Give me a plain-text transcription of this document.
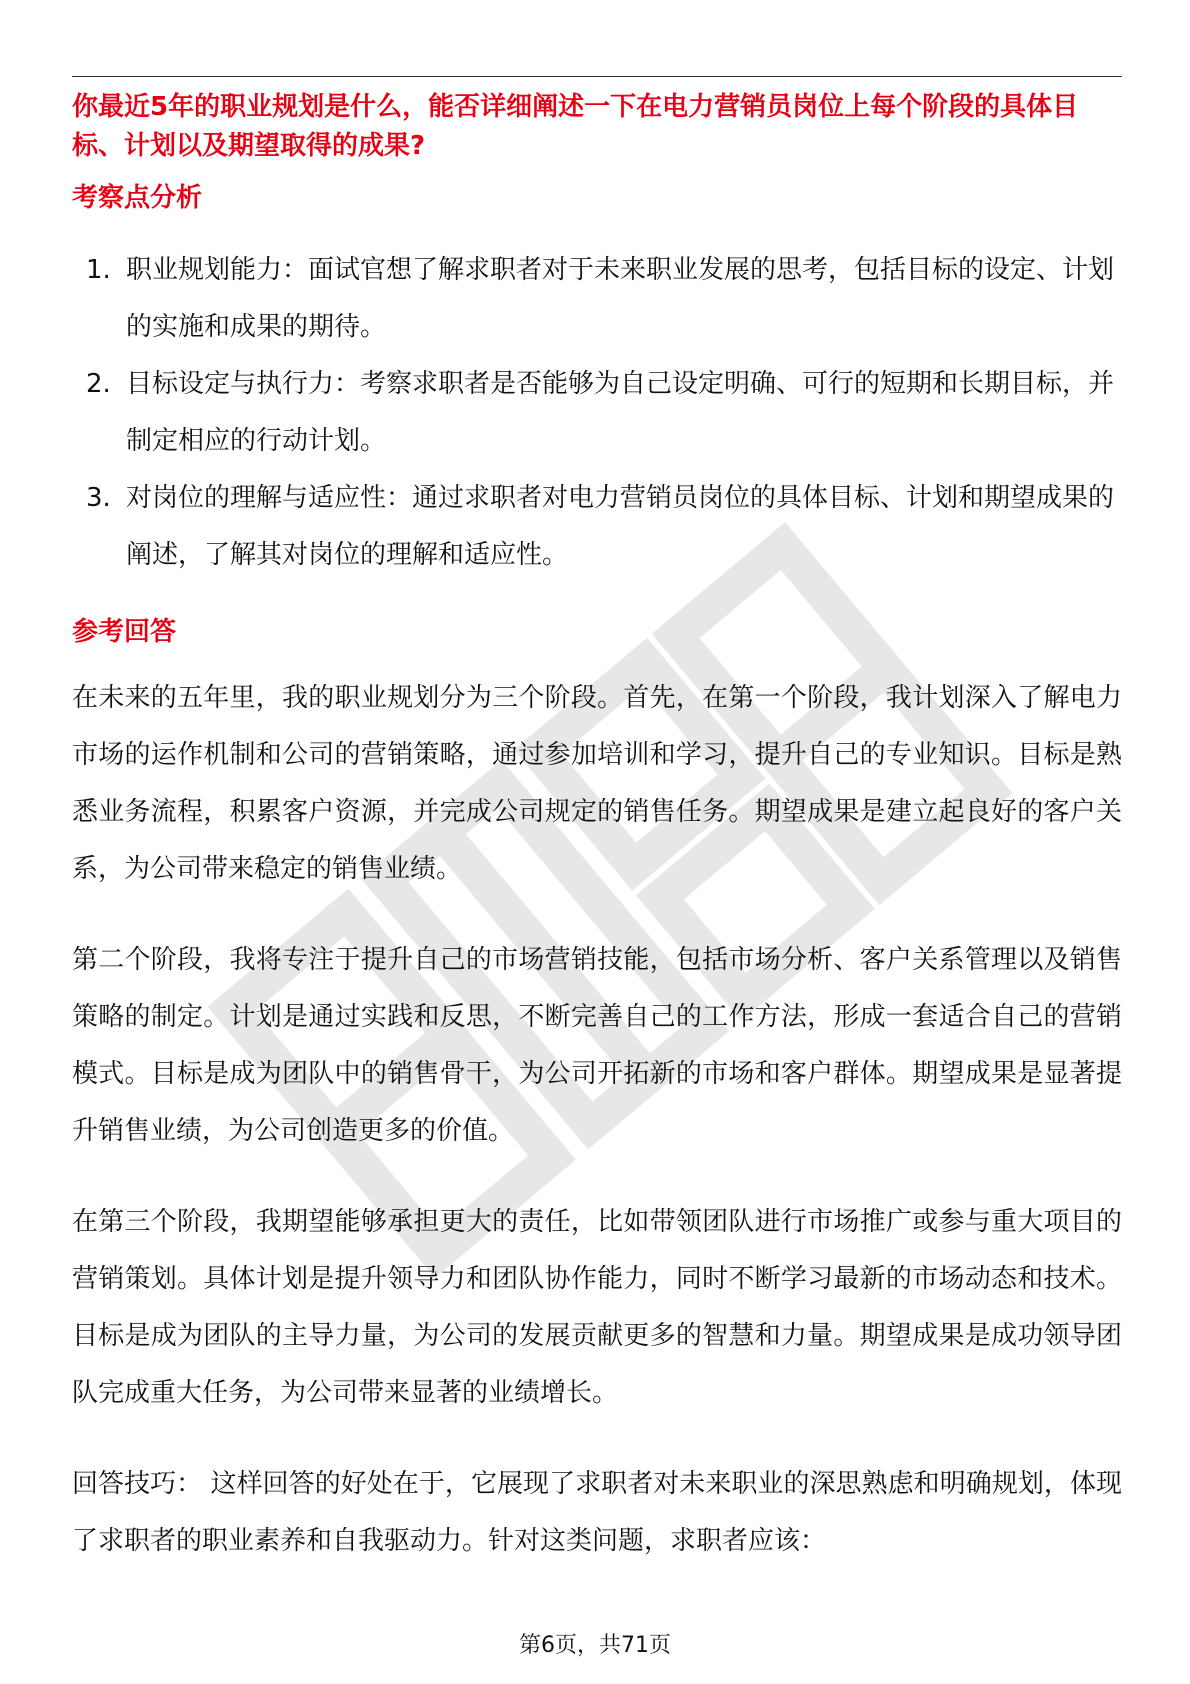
你最近5年的职业规划是什么，能否详细阐述一下在电力营销员岗位上每个阶段的具体目标、计划以及期望取得的成果?

考察点分析
1. 职业规划能力：面试官想了解求职者对于未来职业发展的思考，包括目标的设定、计划的实施和成果的期待。
2. 目标设定与执行力：考察求职者是否能够为自己设定明确、可行的短期和长期目标，并制定相应的行动计划。
3. 对岗位的理解与适应性：通过求职者对电力营销员岗位的具体目标、计划和期望成果的阐述，了解其对岗位的理解和适应性。
参考回答

在未来的五年里，我的职业规划分为三个阶段。首先，在第一个阶段，我计划深入了解电力市场的运作机制和公司的营销策略，通过参加培训和学习，提升自己的专业知识。目标是熟悉业务流程，积累客户资源，并完成公司规定的销售任务。期望成果是建立起良好的客户关系，为公司带来稳定的销售业绩。

第二个阶段，我将专注于提升自己的市场营销技能，包括市场分析、客户关系管理以及销售策略的制定。计划是通过实践和反思，不断完善自己的工作方法，形成一套适合自己的营销模式。目标是成为团队中的销售骨干，为公司开拓新的市场和客户群体。期望成果是显著提升销售业绩，为公司创造更多的价值。

在第三个阶段，我期望能够承担更大的责任，比如带领团队进行市场推广或参与重大项目的营销策划。具体计划是提升领导力和团队协作能力，同时不断学习最新的市场动态和技术。目标是成为团队的主导力量，为公司的发展贡献更多的智慧和力量。期望成果是成功领导团队完成重大任务，为公司带来显著的业绩增长。

回答技巧： 这样回答的好处在于，它展现了求职者对未来职业的深思熟虑和明确规划，体现了求职者的职业素养和自我驱动力。针对这类问题，求职者应该：

第6页，共71页
